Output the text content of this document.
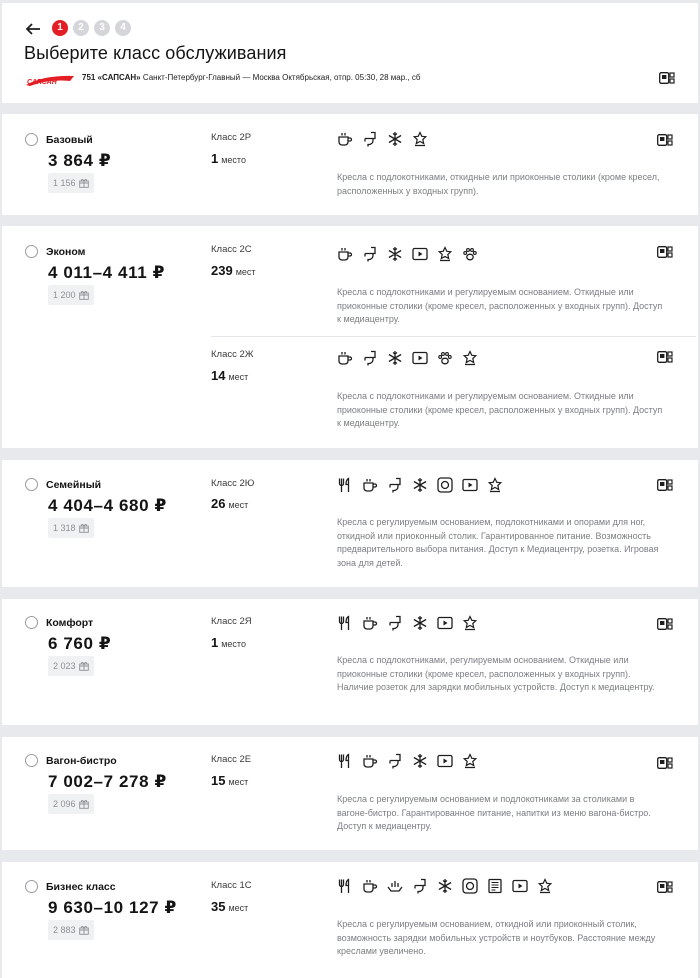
1	2	3	4
Выберите класс обслуживания
САПСАН
751 «САПСАН» Санкт-Петербург-Главный — Москва Октябрьская, отпр. 05:30, 28 мар., сб
Базовый
3 864 ₽
1 156
Класс 2Р
1 место
Кресла с подлокотниками, откидные или приоконные столики (кроме кресел, расположенных у входных групп).
Эконом
4 011–4 411 ₽
1 200
Класс 2С
239 мест
Кресла с подлокотниками и регулируемым основанием. Откидные или приоконные столики (кроме кресел, расположенных у входных групп). Доступ к медиацентру.
Класс 2Ж
14 мест
Кресла с подлокотниками и регулируемым основанием. Откидные или приоконные столики (кроме кресел, расположенных у входных групп). Доступ к медиацентру.
Семейный
4 404–4 680 ₽
1 318
Класс 2Ю
26 мест
Кресла с регулируемым основанием, подлокотниками и опорами для ног, откидной или приоконный столик. Гарантированное питание. Возможность предварительного выбора питания. Доступ к Медиацентру, розетка. Игровая зона для детей.
Комфорт
6 760 ₽
2 023
Класс 2Я
1 место
Кресла с подлокотниками, регулируемым основанием. Откидные или приоконные столики (кроме кресел, расположенных у входных групп). Наличие розеток для зарядки мобильных устройств. Доступ к медиацентру.
Вагон-бистро
7 002–7 278 ₽
2 096
Класс 2Е
15 мест
Кресла с регулируемым основанием и подлокотниками за столиками в вагоне-бистро. Гарантированное питание, напитки из меню вагона-бистро. Доступ к медиацентру.
Бизнес класс
9 630–10 127 ₽
2 883
Класс 1С
35 мест
Кресла с регулируемым основанием, откидной или приоконный столик, возможность зарядки мобильных устройств и ноутбуков. Расстояние между креслами увеличено.
